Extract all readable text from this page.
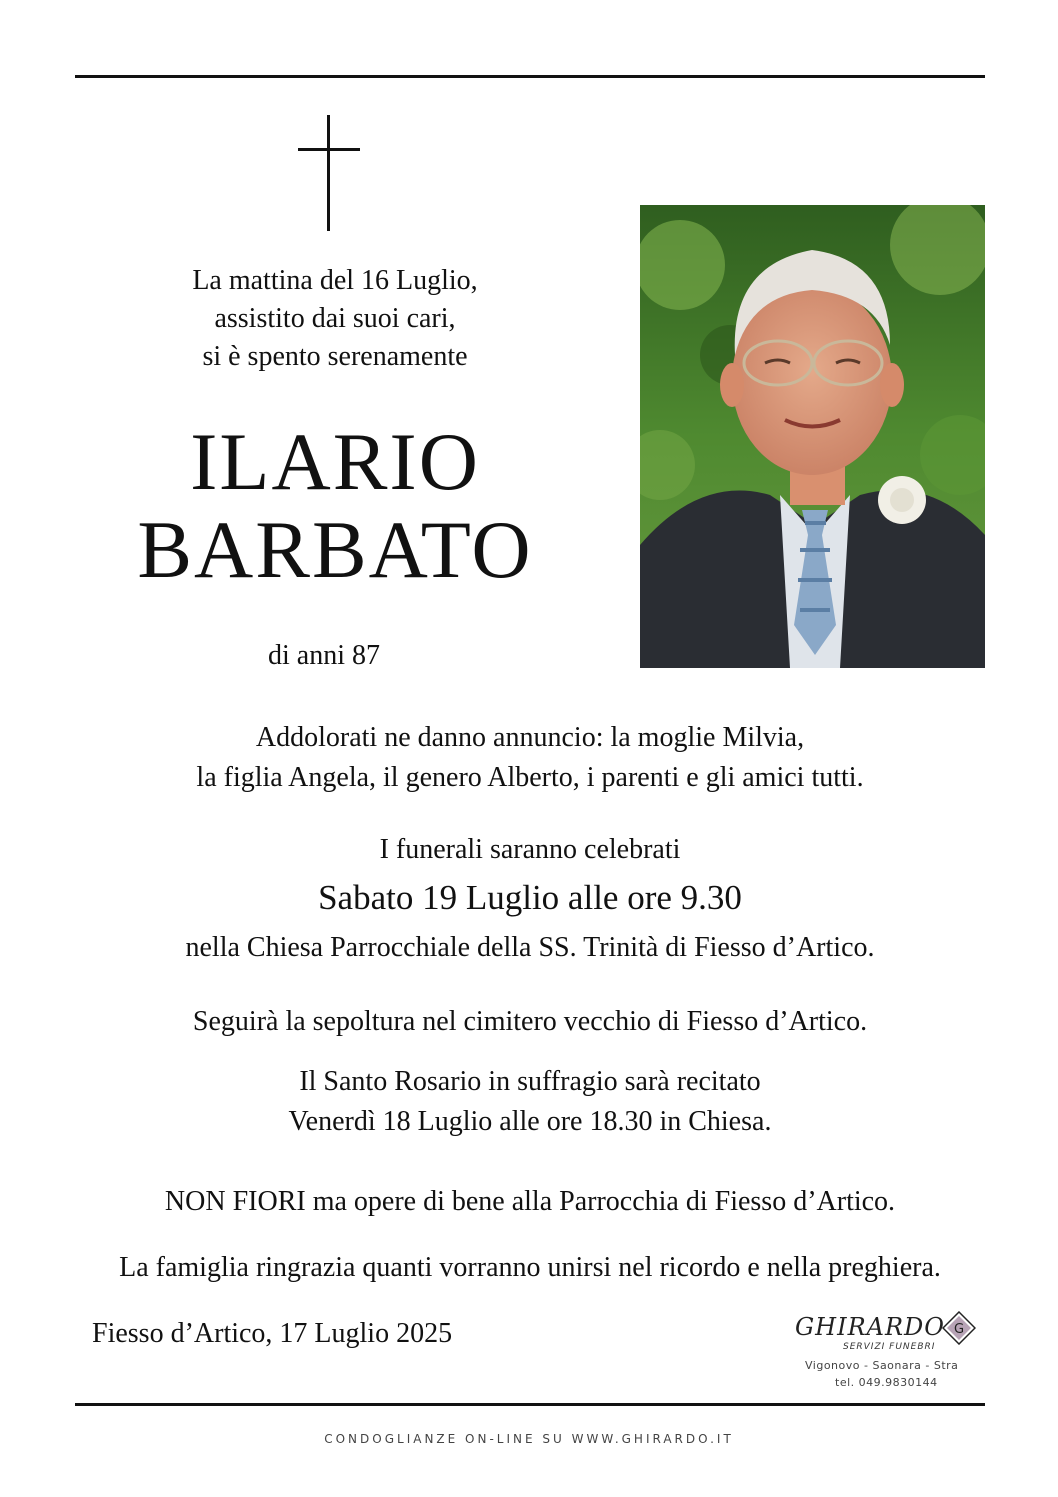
La mattina del 16 Luglio,
assistito dai suoi cari,
si è spento serenamente
ILARIO
BARBATO
di anni 87
Addolorati ne danno annuncio: la moglie Milvia,
la figlia Angela, il genero Alberto, i parenti e gli amici tutti.
I funerali saranno celebrati
Sabato 19 Luglio alle ore 9.30
nella Chiesa Parrocchiale della SS. Trinità di Fiesso d’Artico.
Seguirà la sepoltura nel cimitero vecchio di Fiesso d’Artico.
Il Santo Rosario in suffragio sarà recitato
Venerdì 18 Luglio alle ore 18.30 in Chiesa.
NON FIORI ma opere di bene alla Parrocchia di Fiesso d’Artico.
La famiglia ringrazia quanti vorranno unirsi nel ricordo e nella preghiera.
Fiesso d’Artico, 17 Luglio 2025	GHIRARDO
SERVIZI FUNEBRI
G
Vigonovo - Saonara - Stra
tel. 049.9830144
CONDOGLIANZE ON-LINE SU WWW.GHIRARDO.IT
